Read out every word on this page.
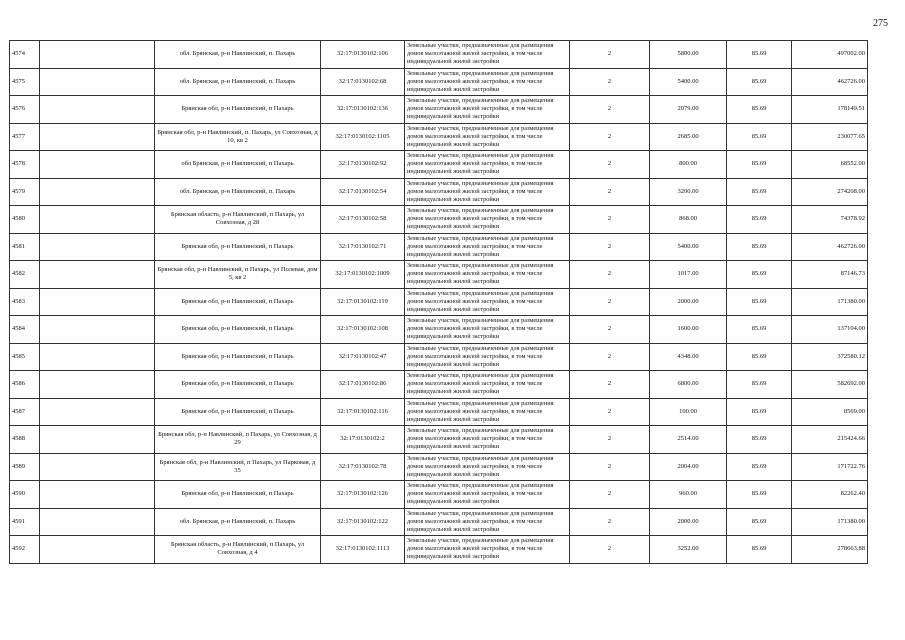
275
4574		обл. Брянская, р-н Навлинский, п. Пахарь	32:17:0130102:106	Земельные участки, предназначенные для размещения домов малоэтажной жилой застройки, в том числе индивидуальной жилой застройки	2	5800.00	85.69	497002.00
4575		обл. Брянская, р-н Навлинский, п. Пахарь	32:17:0130102:68	Земельные участки, предназначенные для размещения домов малоэтажной жилой застройки, в том числе индивидуальной жилой застройки	2	5400.00	85.69	462726.00
4576		Брянская обл, р-н Навлинский, п Пахарь	32:17:0130102:136	Земельные участки, предназначенные для размещения домов малоэтажной жилой застройки, в том числе индивидуальной жилой застройки	2	2079.00	85.69	178149.51
4577		Брянская обл, р-н Навлинский, п. Пахарь, ул Совхозная, д 10, кв 2	32:17:0130102:1105	Земельные участки, предназначенные для размещения домов малоэтажной жилой застройки, в том числе индивидуальной жилой застройки	2	2685.00	85.69	230077.65
4578		обл Брянская, р-н Навлинский, п Пахарь	32:17:0130102:92	Земельные участки, предназначенные для размещения домов малоэтажной жилой застройки, в том числе индивидуальной жилой застройки	2	800.00	85.69	68552.00
4579		обл. Брянская, р-н Навлинский, п. Пахарь	32:17:0130102:54	Земельные участки, предназначенные для размещения домов малоэтажной жилой застройки, в том числе индивидуальной жилой застройки	2	3200.00	85.69	274208.00
4580		Брянская область, р-н Навлинский, п Пахарь, ул Совхозная, д 28	32:17:0130102:58	Земельные участки, предназначенные для размещения домов малоэтажной жилой застройки, в том числе индивидуальной жилой застройки	2	868.00	85.69	74378.92
4581		Брянская обл, р-н Навлинский, п Пахарь	32:17:0130102:71	Земельные участки, предназначенные для размещения домов малоэтажной жилой застройки, в том числе индивидуальной жилой застройки	2	5400.00	85.69	462726.00
4582		Брянская обл, р-н Навлинский, п Пахарь, ул Полевая, дом 5, кв 2	32:17:0130102:1009	Земельные участки, предназначенные для размещения домов малоэтажной жилой застройки, в том числе индивидуальной жилой застройки	2	1017.00	85.69	87146.73
4583		Брянская обл, р-н Навлинский, п Пахарь	32:17:0130102:119	Земельные участки, предназначенные для размещения домов малоэтажной жилой застройки, в том числе индивидуальной жилой застройки	2	2000.00	85.69	171380.00
4584		Брянская обл, р-н Навлинский, п Пахарь	32:17:0130102:108	Земельные участки, предназначенные для размещения домов малоэтажной жилой застройки, в том числе индивидуальной жилой застройки	2	1600.00	85.69	137104.00
4585		Брянская обл, р-н Навлинский, п Пахарь	32:17:0130102:47	Земельные участки, предназначенные для размещения домов малоэтажной жилой застройки, в том числе индивидуальной жилой застройки	2	4348.00	85.69	372580.12
4586		Брянская обл, р-н Навлинский, п Пахарь	32:17:0130102:86	Земельные участки, предназначенные для размещения домов малоэтажной жилой застройки, в том числе индивидуальной жилой застройки	2	6800.00	85.69	582692.00
4587		Брянская обл, р-н Навлинский, п Пахарь	32:17:0130102:116	Земельные участки, предназначенные для размещения домов малоэтажной жилой застройки, в том числе индивидуальной жилой застройки	2	100.00	85.69	8569.00
4588		Брянская обл, р-н Навлинский, п Пахарь, ул Совхозная, д 29	32:17:0130102:2	Земельные участки, предназначенные для размещения домов малоэтажной жилой застройки, в том числе индивидуальной жилой застройки	2	2514.00	85.69	215424.66
4589		Брянская обл, р-н Навлинский, п Пахарь, ул Парковая, д 35	32:17:0130102:78	Земельные участки, предназначенные для размещения домов малоэтажной жилой застройки, в том числе индивидуальной жилой застройки	2	2004.00	85.69	171722.76
4590		Брянская обл, р-н Навлинский, п Пахарь	32:17:0130102:126	Земельные участки, предназначенные для размещения домов малоэтажной жилой застройки, в том числе индивидуальной жилой застройки	2	960.00	85.69	82262.40
4591		обл. Брянская, р-н Навлинский, п. Пахарь	32:17:0130102:122	Земельные участки, предназначенные для размещения домов малоэтажной жилой застройки, в том числе индивидуальной жилой застройки	2	2000.00	85.69	171380.00
4592		Брянская область, р-н Навлинский, п Пахарь, ул Совхозная, д 4	32:17:0130102:1113	Земельные участки, предназначенные для размещения домов малоэтажной жилой застройки, в том числе индивидуальной жилой застройки	2	3252.00	85.69	278663.88
